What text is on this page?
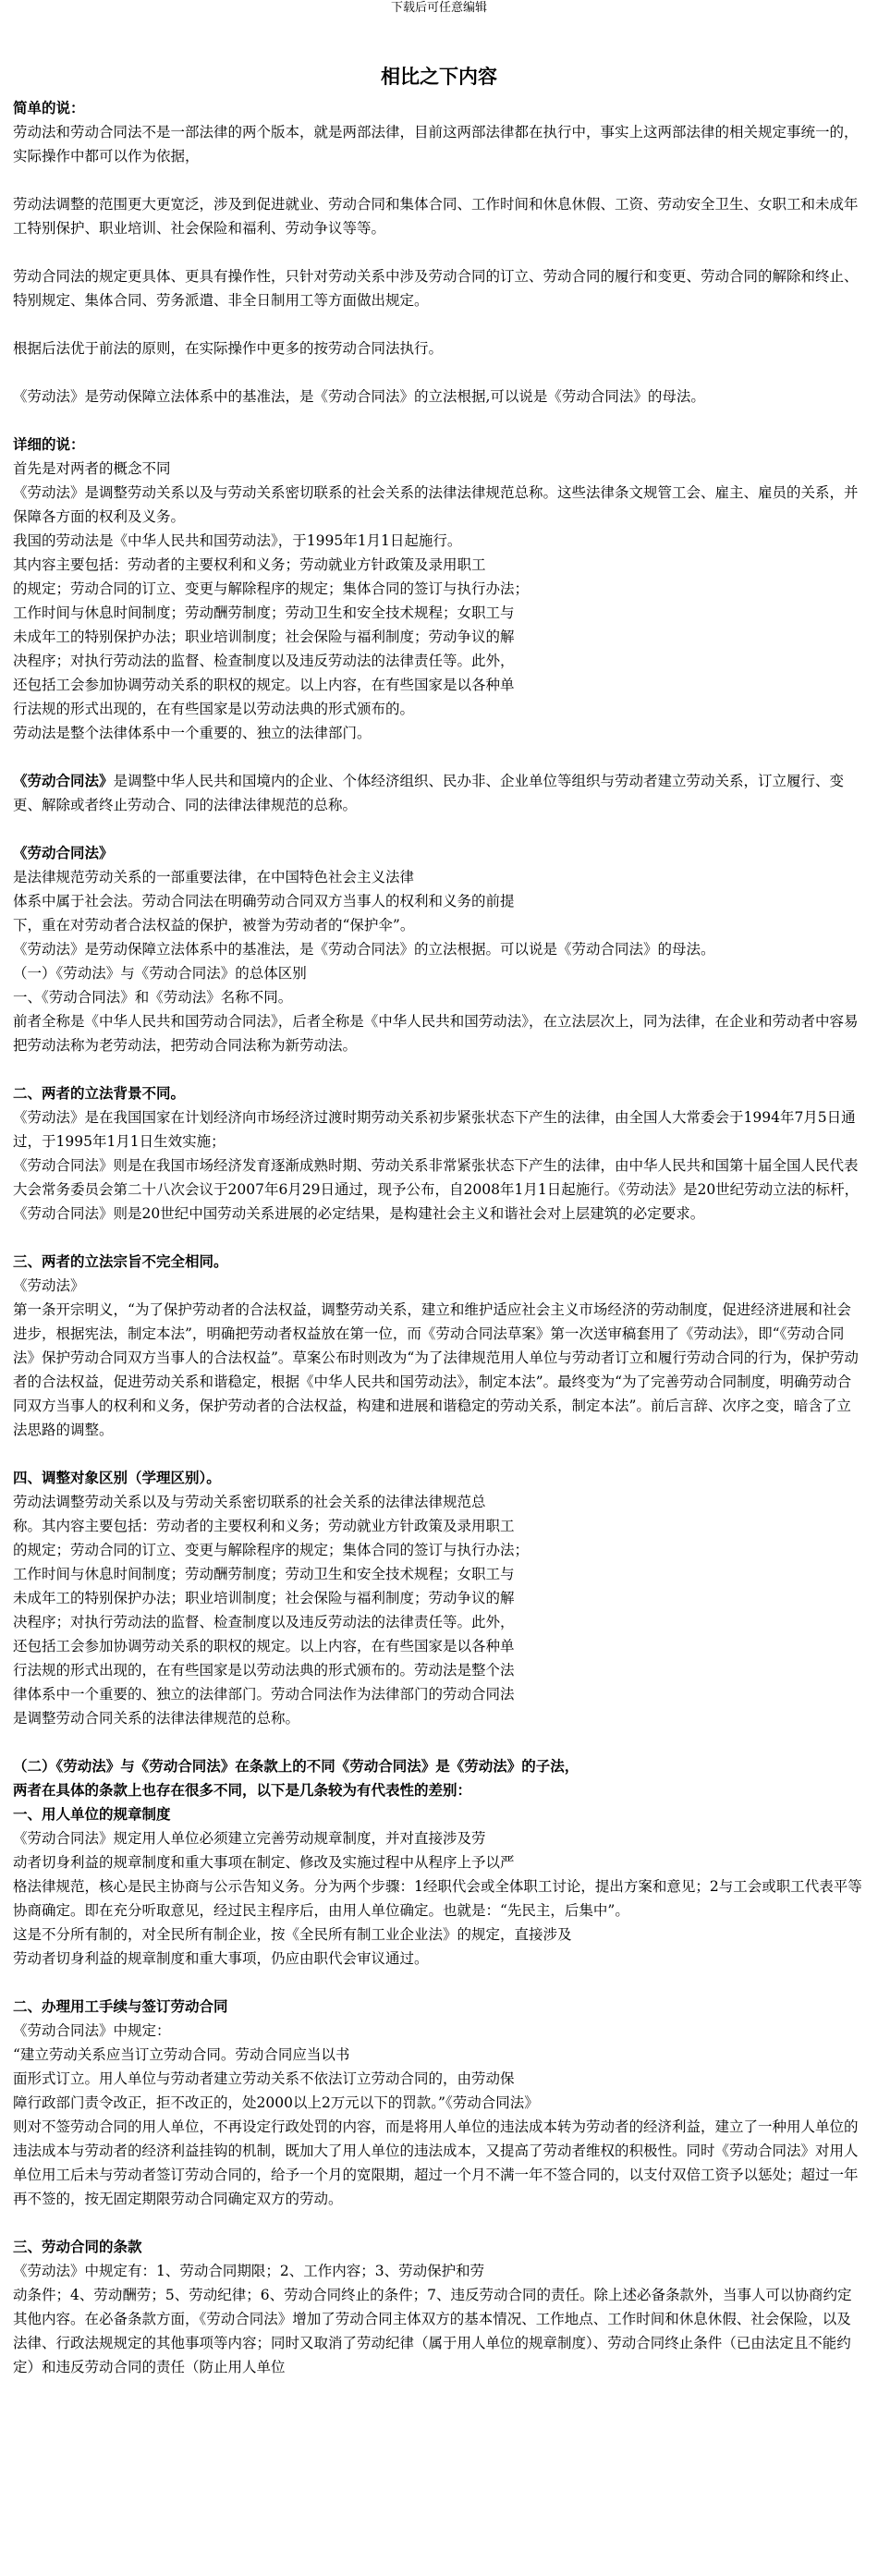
下载后可任意编辑
相比之下内容

简单的说：

劳动法和劳动合同法不是一部法律的两个版本，就是两部法律，目前这两部法律都在执行中，事实上这两部法律的相关规定事统一的，实际操作中都可以作为依据，

劳动法调整的范围更大更宽泛，涉及到促进就业、劳动合同和集体合同、工作时间和休息休假、工资、劳动安全卫生、女职工和未成年工特别保护、职业培训、社会保险和福利、劳动争议等等。

劳动合同法的规定更具体、更具有操作性，只针对劳动关系中涉及劳动合同的订立、劳动合同的履行和变更、劳动合同的解除和终止、特别规定、集体合同、劳务派遣、非全日制用工等方面做出规定。

根据后法优于前法的原则，在实际操作中更多的按劳动合同法执行。

《劳动法》是劳动保障立法体系中的基准法，是《劳动合同法》的立法根据,可以说是《劳动合同法》的母法。

详细的说：

首先是对两者的概念不同

《劳动法》是调整劳动关系以及与劳动关系密切联系的社会关系的法律法律规范总称。这些法律条文规管工会、雇主、雇员的关系，并保障各方面的权利及义务。

我国的劳动法是《中华人民共和国劳动法》，于1995年1月1日起施行。

其内容主要包括：劳动者的主要权利和义务；劳动就业方针政策及录用职工

的规定；劳动合同的订立、变更与解除程序的规定；集体合同的签订与执行办法；

工作时间与休息时间制度；劳动酬劳制度；劳动卫生和安全技术规程；女职工与

未成年工的特别保护办法；职业培训制度；社会保险与福利制度；劳动争议的解

决程序；对执行劳动法的监督、检查制度以及违反劳动法的法律责任等。此外，

还包括工会参加协调劳动关系的职权的规定。以上内容，在有些国家是以各种单

行法规的形式出现的，在有些国家是以劳动法典的形式颁布的。

劳动法是整个法律体系中一个重要的、独立的法律部门。

《劳动合同法》是调整中华人民共和国境内的企业、个体经济组织、民办非、企业单位等组织与劳动者建立劳动关系，订立履行、变更、解除或者终止劳动合、同的法律法律规范的总称。

《劳动合同法》

是法律规范劳动关系的一部重要法律，在中国特色社会主义法律

体系中属于社会法。劳动合同法在明确劳动合同双方当事人的权利和义务的前提

下，重在对劳动者合法权益的保护，被誉为劳动者的“保护伞”。

《劳动法》是劳动保障立法体系中的基准法，是《劳动合同法》的立法根据。可以说是《劳动合同法》的母法。

（一）《劳动法》与《劳动合同法》的总体区别

一、《劳动合同法》和《劳动法》名称不同。

前者全称是《中华人民共和国劳动合同法》，后者全称是《中华人民共和国劳动法》，在立法层次上，同为法律，在企业和劳动者中容易把劳动法称为老劳动法，把劳动合同法称为新劳动法。

二、两者的立法背景不同。

《劳动法》是在我国国家在计划经济向市场经济过渡时期劳动关系初步紧张状态下产生的法律，由全国人大常委会于1994年7月5日通过，于1995年1月1日生效实施；

《劳动合同法》则是在我国市场经济发育逐渐成熟时期、劳动关系非常紧张状态下产生的法律，由中华人民共和国第十届全国人民代表大会常务委员会第二十八次会议于2007年6月29日通过，现予公布，自2008年1月1日起施行。《劳动法》是20世纪劳动立法的标杆，《劳动合同法》则是20世纪中国劳动关系进展的必定结果，是构建社会主义和谐社会对上层建筑的必定要求。

三、两者的立法宗旨不完全相同。

《劳动法》

第一条开宗明义，“为了保护劳动者的合法权益，调整劳动关系，建立和维护适应社会主义市场经济的劳动制度，促进经济进展和社会进步，根据宪法，制定本法”，明确把劳动者权益放在第一位，而《劳动合同法草案》第一次送审稿套用了《劳动法》，即“《劳动合同法》保护劳动合同双方当事人的合法权益”。草案公布时则改为“为了法律规范用人单位与劳动者订立和履行劳动合同的行为，保护劳动者的合法权益，促进劳动关系和谐稳定，根据《中华人民共和国劳动法》，制定本法”。最终变为“为了完善劳动合同制度，明确劳动合同双方当事人的权利和义务，保护劳动者的合法权益，构建和进展和谐稳定的劳动关系，制定本法”。前后言辞、次序之变，暗含了立法思路的调整。

四、调整对象区别（学理区别）。

劳动法调整劳动关系以及与劳动关系密切联系的社会关系的法律法律规范总

称。其内容主要包括：劳动者的主要权利和义务；劳动就业方针政策及录用职工

的规定；劳动合同的订立、变更与解除程序的规定；集体合同的签订与执行办法；

工作时间与休息时间制度；劳动酬劳制度；劳动卫生和安全技术规程；女职工与

未成年工的特别保护办法；职业培训制度；社会保险与福利制度；劳动争议的解

决程序；对执行劳动法的监督、检查制度以及违反劳动法的法律责任等。此外，

还包括工会参加协调劳动关系的职权的规定。以上内容，在有些国家是以各种单

行法规的形式出现的，在有些国家是以劳动法典的形式颁布的。劳动法是整个法

律体系中一个重要的、独立的法律部门。劳动合同法作为法律部门的劳动合同法

是调整劳动合同关系的法律法律规范的总称。

（二）《劳动法》与《劳动合同法》在条款上的不同《劳动合同法》是《劳动法》的子法，

两者在具体的条款上也存在很多不同，以下是几条较为有代表性的差别：

一、用人单位的规章制度

《劳动合同法》规定用人单位必须建立完善劳动规章制度，并对直接涉及劳

动者切身利益的规章制度和重大事项在制定、修改及实施过程中从程序上予以严

格法律规范，核心是民主协商与公示告知义务。分为两个步骤：1经职代会或全体职工讨论，提出方案和意见；2与工会或职工代表平等协商确定。即在充分听取意见，经过民主程序后，由用人单位确定。也就是：“先民主，后集中”。

这是不分所有制的，对全民所有制企业，按《全民所有制工业企业法》的规定，直接涉及

劳动者切身利益的规章制度和重大事项，仍应由职代会审议通过。

二、办理用工手续与签订劳动合同

《劳动合同法》中规定：

“建立劳动关系应当订立劳动合同。劳动合同应当以书

面形式订立。用人单位与劳动者建立劳动关系不依法订立劳动合同的，由劳动保

障行政部门责令改正，拒不改正的，处2000以上2万元以下的罚款。”《劳动合同法》

则对不签劳动合同的用人单位，不再设定行政处罚的内容，而是将用人单位的违法成本转为劳动者的经济利益，建立了一种用人单位的违法成本与劳动者的经济利益挂钩的机制，既加大了用人单位的违法成本，又提高了劳动者维权的积极性。同时《劳动合同法》对用人单位用工后未与劳动者签订劳动合同的，给予一个月的宽限期，超过一个月不满一年不签合同的，以支付双倍工资予以惩处；超过一年再不签的，按无固定期限劳动合同确定双方的劳动。

三、劳动合同的条款

《劳动法》中规定有：1、劳动合同期限；2、工作内容；3、劳动保护和劳

动条件；4、劳动酬劳；5、劳动纪律；6、劳动合同终止的条件；7、违反劳动合同的责任。除上述必备条款外，当事人可以协商约定其他内容。在必备条款方面，《劳动合同法》增加了劳动合同主体双方的基本情况、工作地点、工作时间和休息休假、社会保险，以及法律、行政法规规定的其他事项等内容；同时又取消了劳动纪律（属于用人单位的规章制度）、劳动合同终止条件（已由法定且不能约定）和违反劳动合同的责任（防止用人单位
